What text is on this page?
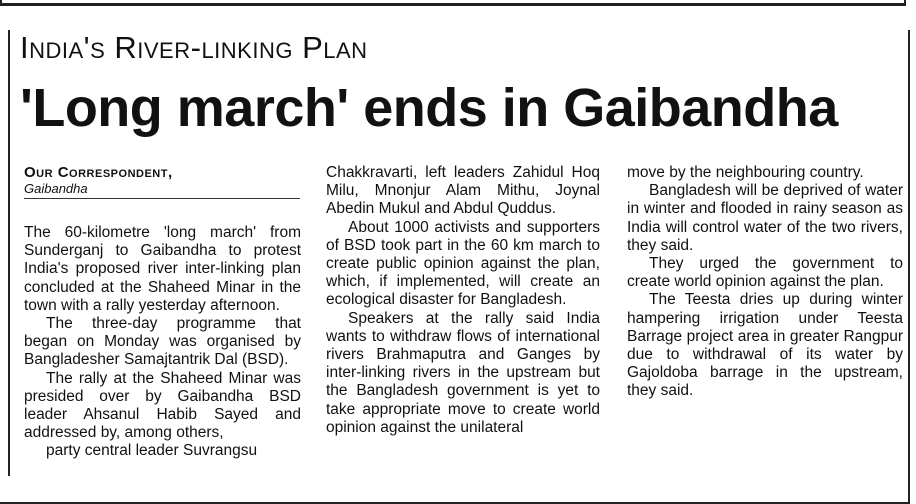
India's River-linking Plan
'Long march' ends in Gaibandha
Our Correspondent,
Gaibandha

The 60-kilometre 'long march' from Sunderganj to Gaibandha to protest India's proposed river inter-linking plan concluded at the Shaheed Minar in the town with a rally yesterday afternoon.

The three-day programme that began on Monday was organised by Bangladesher Samajtantrik Dal (BSD).

The rally at the Shaheed Minar was presided over by Gaibandha BSD leader Ahsanul Habib Sayed and addressed by, among others,

party central leader Suvrangsu

Chakkravarti, left leaders Zahidul Hoq Milu, Mnonjur Alam Mithu, Joynal Abedin Mukul and Abdul Quddus.

About 1000 activists and supporters of BSD took part in the 60 km march to create public opinion against the plan, which, if implemented, will create an ecological disaster for Bangladesh.

Speakers at the rally said India wants to withdraw flows of international rivers Brahmaputra and Ganges by inter-linking rivers in the upstream but the Bangladesh government is yet to take appropriate move to create world opinion against the unilateral

move by the neighbouring country.

Bangladesh will be deprived of water in winter and flooded in rainy season as India will control water of the two rivers, they said.

They urged the government to create world opinion against the plan.

The Teesta dries up during winter hampering irrigation under Teesta Barrage project area in greater Rangpur due to withdrawal of its water by Gajoldoba barrage in the upstream, they said.
